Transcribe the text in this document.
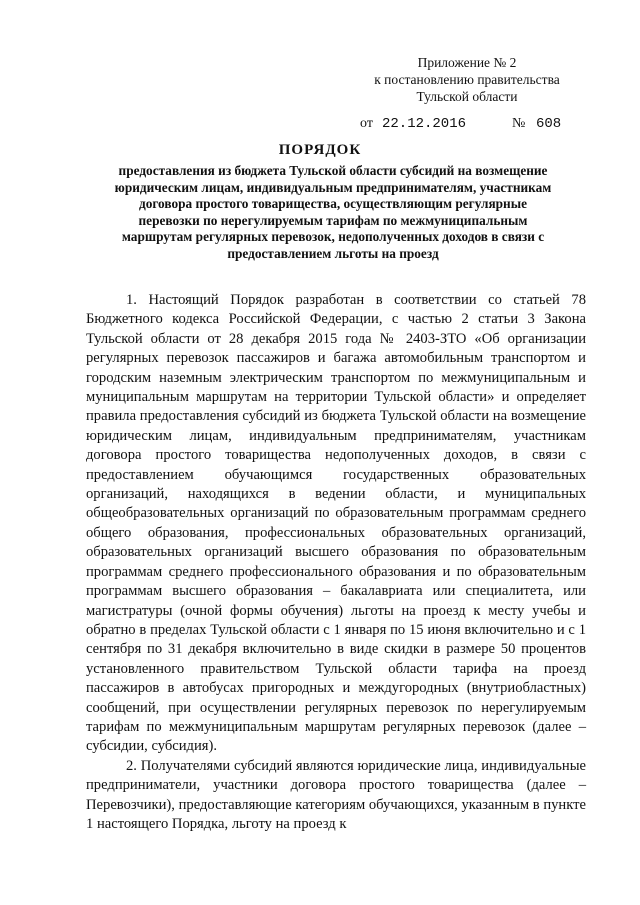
Приложение № 2
к постановлению правительства
Тульской области
от 22.12.2016	№ 608
ПОРЯДОК
предоставления из бюджета Тульской области субсидий на возмещение
юридическим лицам, индивидуальным предпринимателям, участникам
договора простого товарищества, осуществляющим регулярные
перевозки по нерегулируемым тарифам по межмуниципальным
маршрутам регулярных перевозок, недополученных доходов в связи с
предоставлением льготы на проезд

1. Настоящий Порядок разработан в соответствии со статьей 78 Бюджетного кодекса Российской Федерации, с частью 2 статьи 3 Закона Тульской области от 28 декабря 2015 года № 2403-ЗТО «Об организации регулярных перевозок пассажиров и багажа автомобильным транспортом и городским наземным электрическим транспортом по межмуниципальным и муниципальным маршрутам на территории Тульской области» и определяет правила предоставления субсидий из бюджета Тульской области на возмещение юридическим лицам, индивидуальным предпринимателям, участникам договора простого товарищества недополученных доходов, в связи с предоставлением обучающимся государственных образовательных организаций, находящихся в ведении области, и муниципальных общеобразовательных организаций по образовательным программам среднего общего образования, профессиональных образовательных организаций, образовательных организаций высшего образования по образовательным программам среднего профессионального образования и по образовательным программам высшего образования – бакалавриата или специалитета, или магистратуры (очной формы обучения) льготы на проезд к месту учебы и обратно в пределах Тульской области с 1 января по 15 июня включительно и с 1 сентября по 31 декабря включительно в виде скидки в размере 50 процентов установленного правительством Тульской области тарифа на проезд пассажиров в автобусах пригородных и междугородных (внутриобластных) сообщений, при осуществлении регулярных перевозок по нерегулируемым тарифам по межмуниципальным маршрутам регулярных перевозок (далее – субсидии, субсидия).

2. Получателями субсидий являются юридические лица, индивидуальные предприниматели, участники договора простого товарищества (далее – Перевозчики), предоставляющие категориям обучающихся, указанным в пункте 1 настоящего Порядка, льготу на проезд к
